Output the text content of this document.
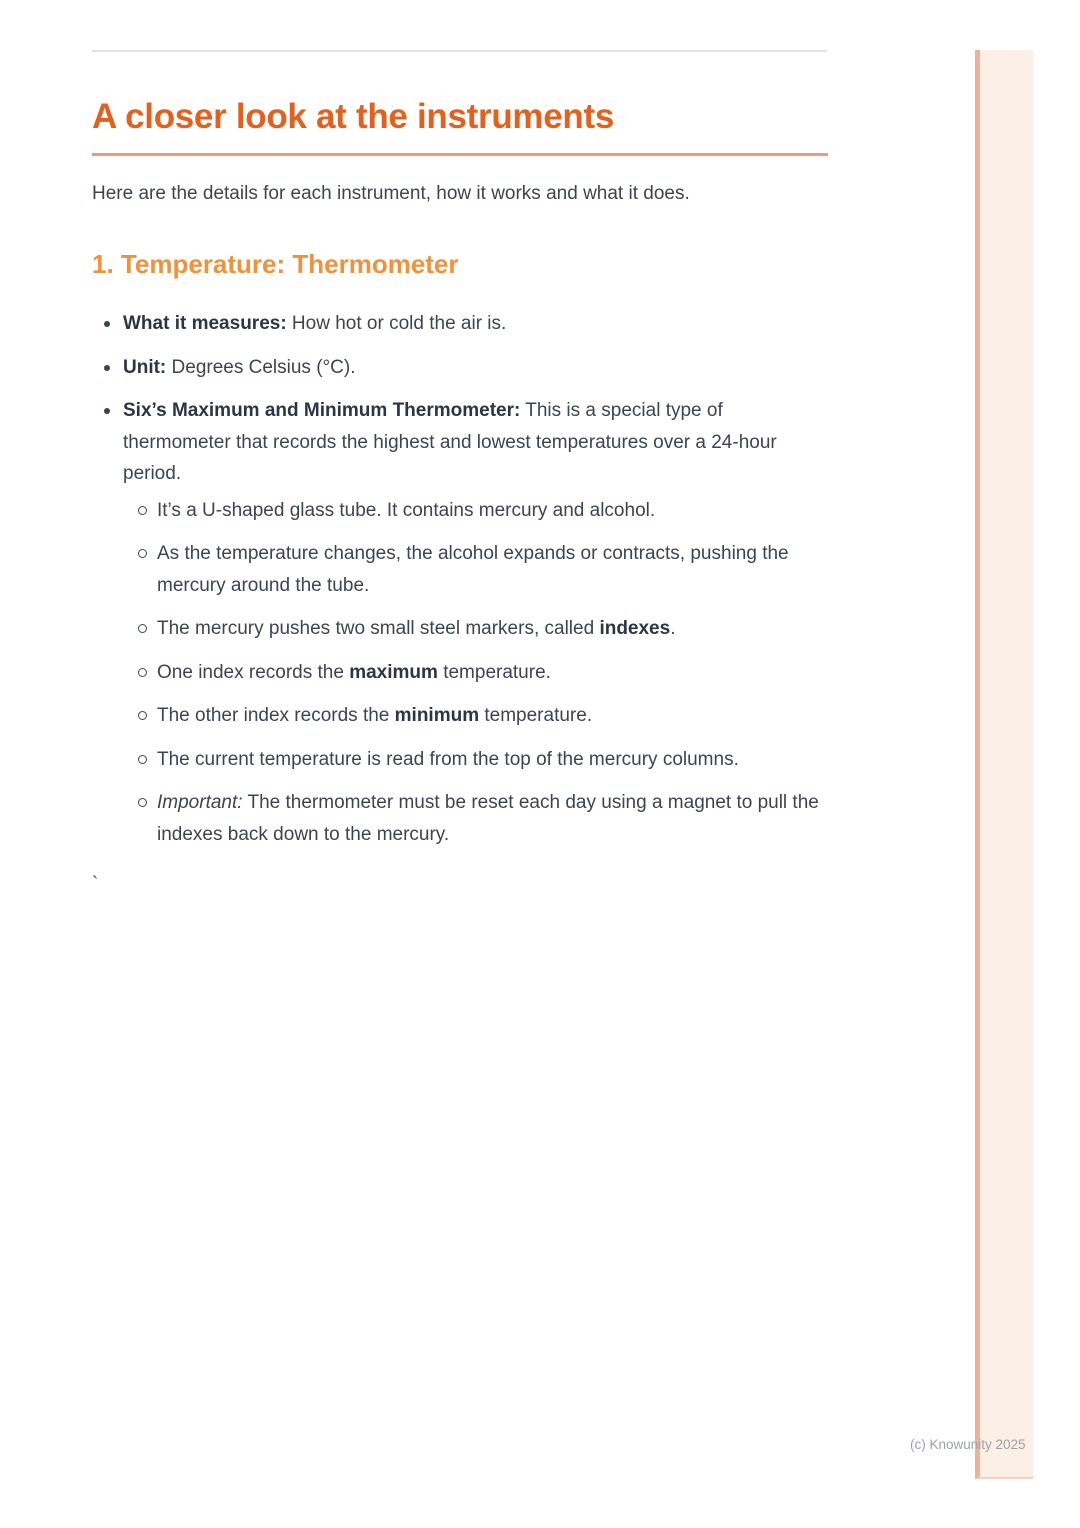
A closer look at the instruments

Here are the details for each instrument, how it works and what it does.

1. Temperature: Thermometer
What it measures: How hot or cold the air is.
Unit: Degrees Celsius (°C).
Six’s Maximum and Minimum Thermometer: This is a special type of thermometer that records the highest and lowest temperatures over a 24-hour period.
It’s a U-shaped glass tube. It contains mercury and alcohol.
As the temperature changes, the alcohol expands or contracts, pushing the mercury around the tube.
The mercury pushes two small steel markers, called indexes.
One index records the maximum temperature.
The other index records the minimum temperature.
The current temperature is read from the top of the mercury columns.
Important: The thermometer must be reset each day using a magnet to pull the indexes back down to the mercury.
`
(c) Knowunity 2025
